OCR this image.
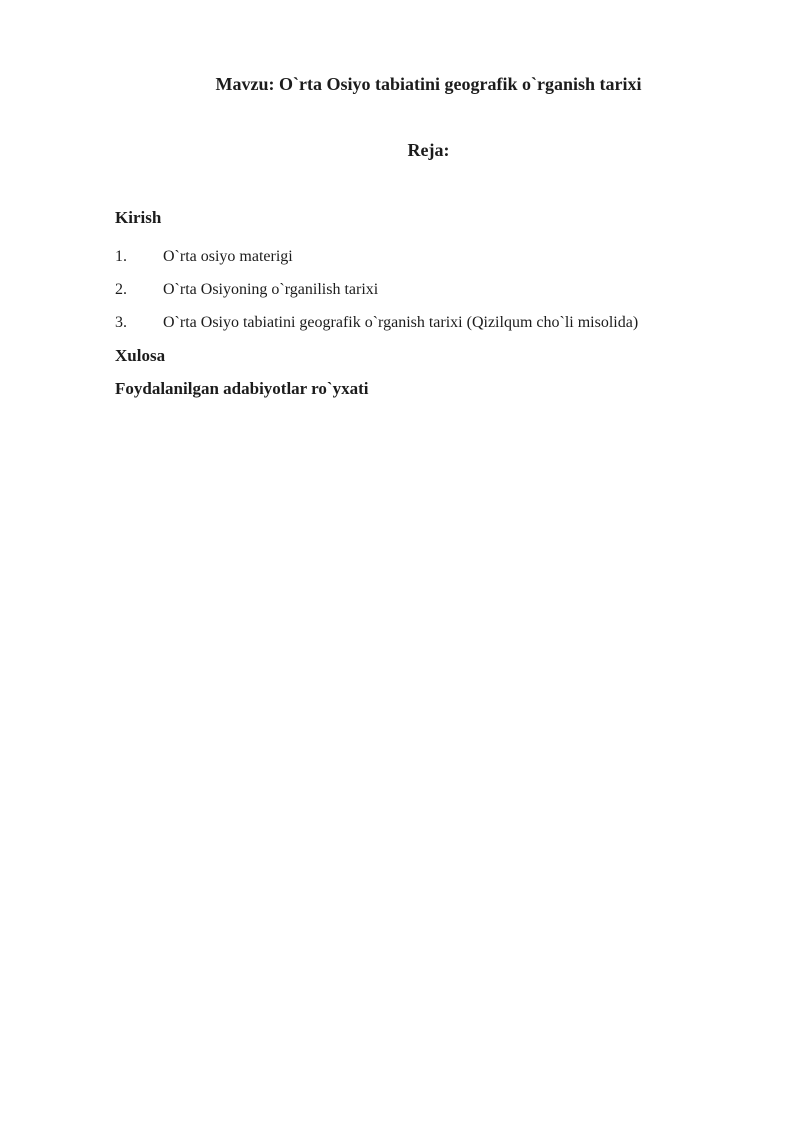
Mavzu: O`rta Osiyo tabiatini geografik o`rganish tarixi
Reja:
Kirish
1.	O`rta osiyo materigi
2.	O`rta Osiyoning o`rganilish tarixi
3.	O`rta Osiyo tabiatini geografik o`rganish tarixi (Qizilqum cho`li misolida)
Xulosa
Foydalanilgan adabiyotlar ro`yxati
